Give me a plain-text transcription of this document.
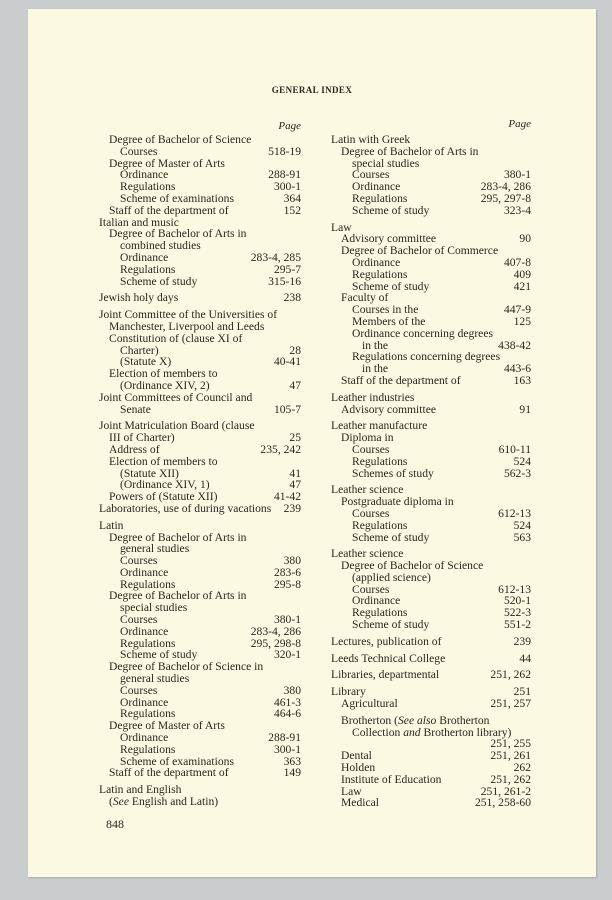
GENERAL INDEX
Page
Degree of Bachelor of Science
Courses	518-19
Degree of Master of Arts
Ordinance	288-91
Regulations	300-1
Scheme of examinations	364
Staff of the department of	152
Italian and music
Degree of Bachelor of Arts in
combined studies
Ordinance	283-4, 285
Regulations	295-7
Scheme of study	315-16
Jewish holy days	238
Joint Committee of the Universities of
Manchester, Liverpool and Leeds
Constitution of (clause XI of
Charter)	28
(Statute X)	40-41
Election of members to
(Ordinance XIV, 2)	47
Joint Committees of Council and
Senate	105-7
Joint Matriculation Board (clause
III of Charter)	25
Address of	235, 242
Election of members to
(Statute XII)	41
(Ordinance XIV, 1)	47
Powers of (Statute XII)	41-42
Laboratories, use of during vacations	239
Latin
Degree of Bachelor of Arts in
general studies
Courses	380
Ordinance	283-6
Regulations	295-8
Degree of Bachelor of Arts in
special studies
Courses	380-1
Ordinance	283-4, 286
Regulations	295, 298-8
Scheme of study	320-1
Degree of Bachelor of Science in
general studies
Courses	380
Ordinance	461-3
Regulations	464-6
Degree of Master of Arts
Ordinance	288-91
Regulations	300-1
Scheme of examinations	363
Staff of the department of	149
Latin and English
(See English and Latin)
Page
Latin with Greek
Degree of Bachelor of Arts in
special studies
Courses	380-1
Ordinance	283-4, 286
Regulations	295, 297-8
Scheme of study	323-4
Law
Advisory committee	90
Degree of Bachelor of Commerce
Ordinance	407-8
Regulations	409
Scheme of study	421
Faculty of
Courses in the	447-9
Members of the	125
Ordinance concerning degrees
in the	438-42
Regulations concerning degrees
in the	443-6
Staff of the department of	163
Leather industries
Advisory committee	91
Leather manufacture
Diploma in
Courses	610-11
Regulations	524
Schemes of study	562-3
Leather science
Postgraduate diploma in
Courses	612-13
Regulations	524
Scheme of study	563
Leather science
Degree of Bachelor of Science
(applied science)
Courses	612-13
Ordinance	520-1
Regulations	522-3
Scheme of study	551-2
Lectures, publication of	239
Leeds Technical College	44
Libraries, departmental	251, 262
Library	251
Agricultural	251, 257
Brotherton (See also Brotherton
Collection and Brotherton library)
251, 255
Dental	251, 261
Holden	262
Institute of Education	251, 262
Law	251, 261-2
Medical	251, 258-60
848
